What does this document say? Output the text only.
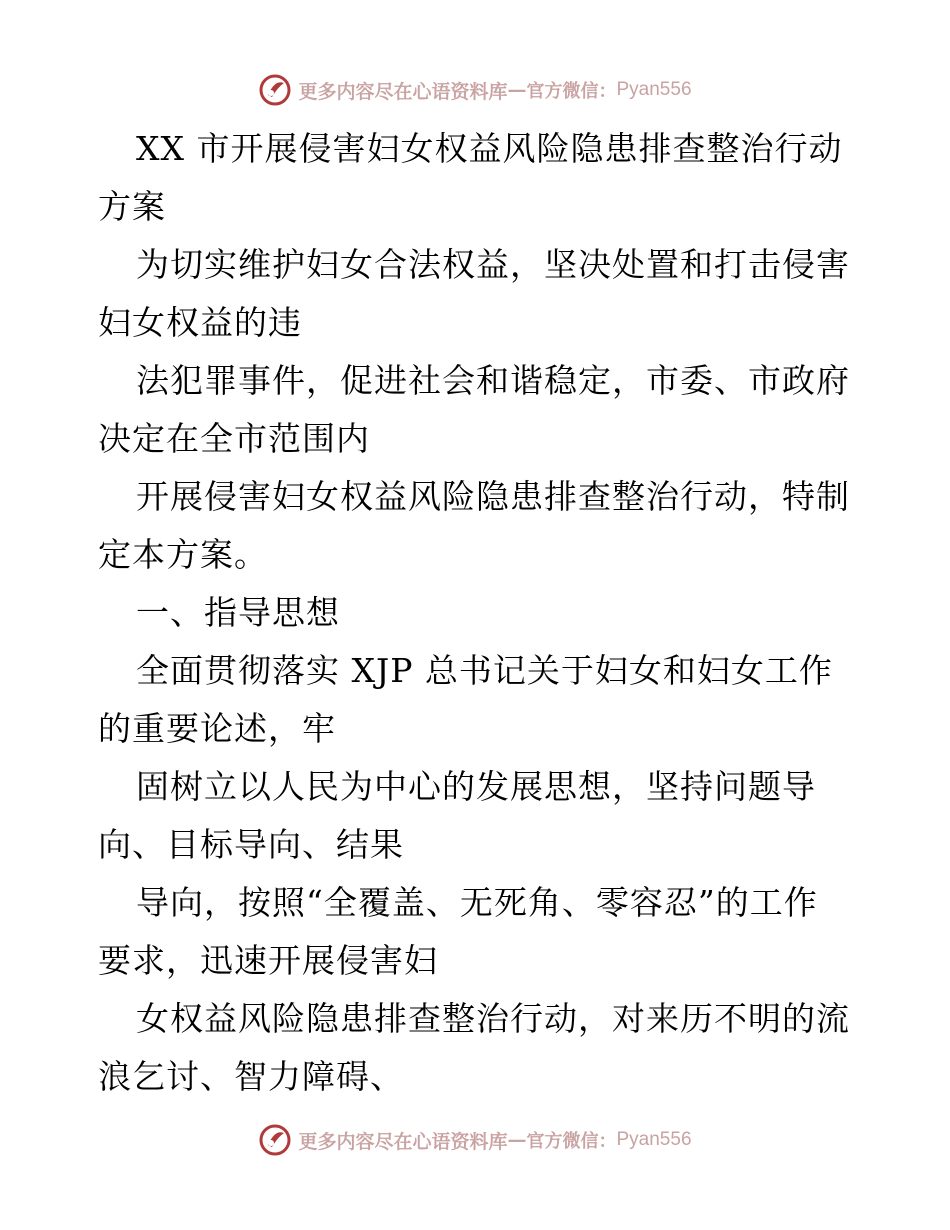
更多内容尽在心语资料库 — 官方微信： Pyan556
XX 市开展侵害妇女权益风险隐患排查整治行动
方案
为切实维护妇女合法权益，坚决处置和打击侵害
妇女权益的违
法犯罪事件，促进社会和谐稳定，市委、市政府
决定在全市范围内
开展侵害妇女权益风险隐患排查整治行动，特制
定本方案。
一、指导思想
全面贯彻落实 XJP 总书记关于妇女和妇女工作
的重要论述，牢
固树立以人民为中心的发展思想，坚持问题导
向、目标导向、结果
导向，按照“全覆盖、无死角、零容忍”的工作
要求，迅速开展侵害妇
女权益风险隐患排查整治行动，对来历不明的流
浪乞讨、智力障碍、
更多内容尽在心语资料库 — 官方微信： Pyan556
